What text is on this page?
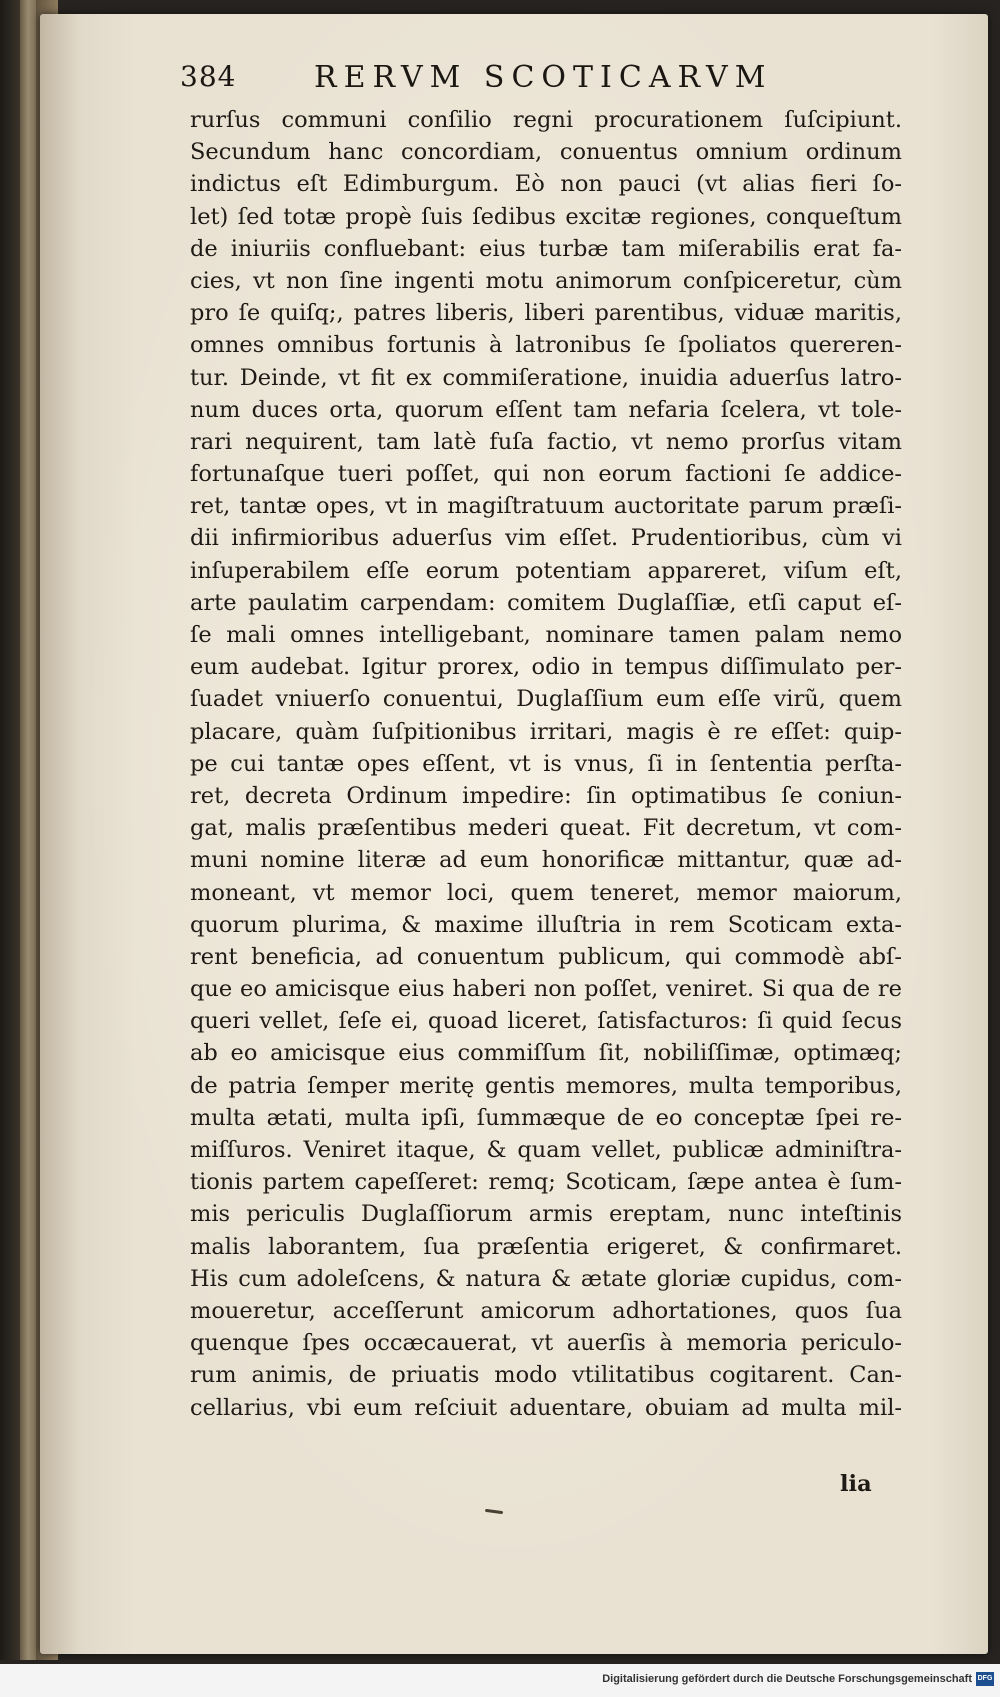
384	RERVM SCOTICARVM
rurſus communi conſilio regni procurationem ſuſcipiunt.
Secundum hanc concordiam, conuentus omnium ordinum
indictus eſt Edimburgum. Eò non pauci (vt alias fieri ſo-
let) ſed totæ propè ſuis ſedibus excitæ regiones, conqueſtum
de iniuriis confluebant: eius turbæ tam miſerabilis erat fa-
cies, vt non ſine ingenti motu animorum conſpiceretur, cùm
pro ſe quiſq;, patres liberis, liberi parentibus, viduæ maritis,
omnes omnibus fortunis à latronibus ſe ſpoliatos quereren-
tur. Deinde, vt fit ex commiſeratione, inuidia aduerſus latro-
num duces orta, quorum eſſent tam nefaria ſcelera, vt tole-
rari nequirent, tam latè fuſa factio, vt nemo prorſus vitam
fortunaſque tueri poſſet, qui non eorum factioni ſe addice-
ret, tantæ opes, vt in magiſtratuum auctoritate parum præſi-
dii infirmioribus aduerſus vim eſſet. Prudentioribus, cùm vi
inſuperabilem eſſe eorum potentiam appareret, viſum eſt,
arte paulatim carpendam: comitem Duglaſſiæ, etſi caput eſ-
ſe mali omnes intelligebant, nominare tamen palam nemo
eum audebat. Igitur prorex, odio in tempus diſſimulato per-
ſuadet vniuerſo conuentui, Duglaſſium eum eſſe virũ, quem
placare, quàm ſuſpitionibus irritari, magis è re eſſet: quip-
pe cui tantæ opes eſſent, vt is vnus, ſi in ſententia perſta-
ret, decreta Ordinum impedire: ſin optimatibus ſe coniun-
gat, malis præſentibus mederi queat. Fit decretum, vt com-
muni nomine literæ ad eum honorificæ mittantur, quæ ad-
moneant, vt memor loci, quem teneret, memor maiorum,
quorum plurima, & maxime illuſtria in rem Scoticam exta-
rent beneficia, ad conuentum publicum, qui commodè abſ-
que eo amicisque eius haberi non poſſet, veniret. Si qua de re
queri vellet, ſeſe ei, quoad liceret, ſatisfacturos: ſi quid ſecus
ab eo amicisque eius commiſſum ſit, nobiliſſimæ, optimæq;
de patria ſemper meritę gentis memores, multa temporibus,
multa ætati, multa ipſi, ſummæque de eo conceptæ ſpei re-
miſſuros. Veniret itaque, & quam vellet, publicæ adminiſtra-
tionis partem capeſſeret: remq; Scoticam, ſæpe antea è ſum-
mis periculis Duglaſſiorum armis ereptam, nunc inteſtinis
malis laborantem, ſua præſentia erigeret, & confirmaret.
His cum adoleſcens, & natura & ætate gloriæ cupidus, com-
moueretur, acceſſerunt amicorum adhortationes, quos ſua
quenque ſpes occæcauerat, vt auerſis à memoria periculo-
rum animis, de priuatis modo vtilitatibus cogitarent. Can-
cellarius, vbi eum reſciuit aduentare, obuiam ad multa mil-
lia
Digitalisierung gefördert durch die Deutsche Forschungsgemeinschaft DFG
